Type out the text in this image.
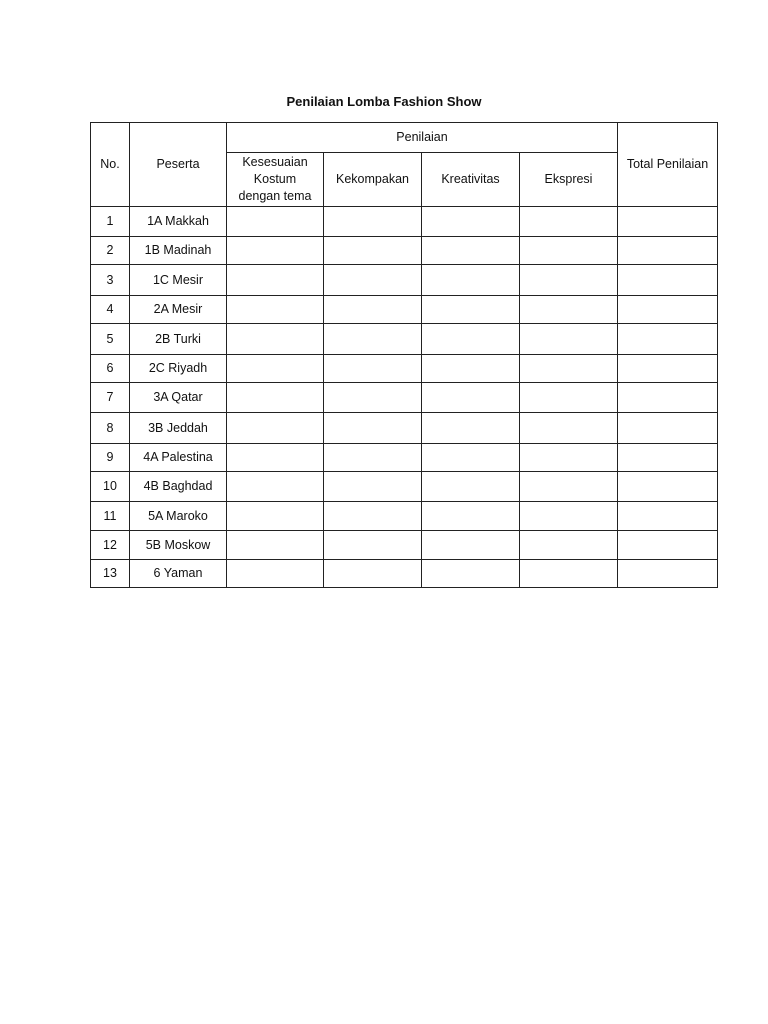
Penilaian Lomba Fashion Show
No.	Peserta	Penilaian				Total Penilaian
		Kesesuaian Kostum dengan tema	Kekompakan	Kreativitas	Ekspresi	
1	1A Makkah					
2	1B Madinah					
3	1C Mesir					
4	2A Mesir					
5	2B Turki					
6	2C Riyadh					
7	3A Qatar					
8	3B Jeddah					
9	4A Palestina					
10	4B Baghdad					
11	5A Maroko					
12	5B Moskow					
13	6 Yaman					
